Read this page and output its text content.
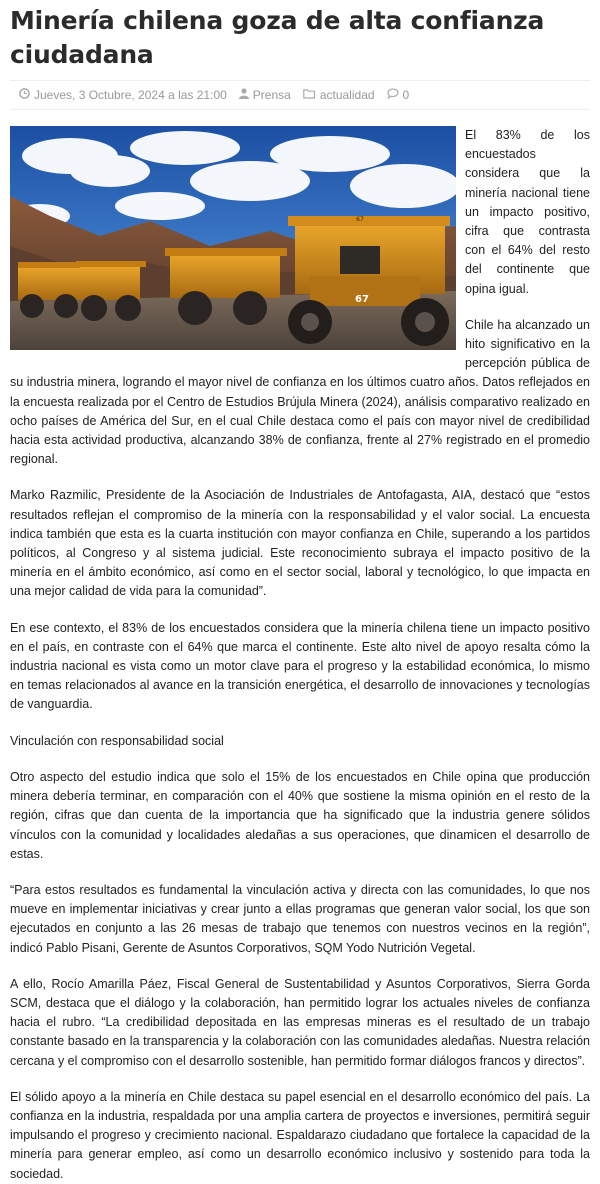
Minería chilena goza de alta confianza ciudadana
Jueves, 3 Octubre, 2024 a las 21:00 Prensa actualidad 0
67
67

El 83% de los encuestados considera que la minería nacional tiene un impacto positivo, cifra que contrasta con el 64% del resto del continente que opina igual.

Chile ha alcanzado un hito significativo en la percepción pública de su industria minera, logrando el mayor nivel de confianza en los últimos cuatro años. Datos reflejados en la encuesta realizada por el Centro de Estudios Brújula Minera (2024), análisis comparativo realizado en ocho países de América del Sur, en el cual Chile destaca como el país con mayor nivel de credibilidad hacia esta actividad productiva, alcanzando 38% de confianza, frente al 27% registrado en el promedio regional.

Marko Razmilic, Presidente de la Asociación de Industriales de Antofagasta, AIA, destacó que “estos resultados reflejan el compromiso de la minería con la responsabilidad y el valor social. La encuesta indica también que esta es la cuarta institución con mayor confianza en Chile, superando a los partidos políticos, al Congreso y al sistema judicial. Este reconocimiento subraya el impacto positivo de la minería en el ámbito económico, así como en el sector social, laboral y tecnológico, lo que impacta en una mejor calidad de vida para la comunidad”.

En ese contexto, el 83% de los encuestados considera que la minería chilena tiene un impacto positivo en el país, en contraste con el 64% que marca el continente. Este alto nivel de apoyo resalta cómo la industria nacional es vista como un motor clave para el progreso y la estabilidad económica, lo mismo en temas relacionados al avance en la transición energética, el desarrollo de innovaciones y tecnologías de vanguardia.

Vinculación con responsabilidad social

Otro aspecto del estudio indica que solo el 15% de los encuestados en Chile opina que producción minera debería terminar, en comparación con el 40% que sostiene la misma opinión en el resto de la región, cifras que dan cuenta de la importancia que ha significado que la industria genere sólidos vínculos con la comunidad y localidades aledañas a sus operaciones, que dinamicen el desarrollo de estas.

“Para estos resultados es fundamental la vinculación activa y directa con las comunidades, lo que nos mueve en implementar iniciativas y crear junto a ellas programas que generan valor social, los que son ejecutados en conjunto a las 26 mesas de trabajo que tenemos con nuestros vecinos en la región”, indicó Pablo Pisani, Gerente de Asuntos Corporativos, SQM Yodo Nutrición Vegetal.

A ello, Rocío Amarilla Páez, Fiscal General de Sustentabilidad y Asuntos Corporativos, Sierra Gorda SCM, destaca que el diálogo y la colaboración, han permitido lograr los actuales niveles de confianza hacia el rubro. “La credibilidad depositada en las empresas mineras es el resultado de un trabajo constante basado en la transparencia y la colaboración con las comunidades aledañas. Nuestra relación cercana y el compromiso con el desarrollo sostenible, han permitido formar diálogos francos y directos”.

El sólido apoyo a la minería en Chile destaca su papel esencial en el desarrollo económico del país. La confianza en la industria, respaldada por una amplia cartera de proyectos e inversiones, permitirá seguir impulsando el progreso y crecimiento nacional. Espaldarazo ciudadano que fortalece la capacidad de la minería para generar empleo, así como un desarrollo económico inclusivo y sostenido para toda la sociedad.
